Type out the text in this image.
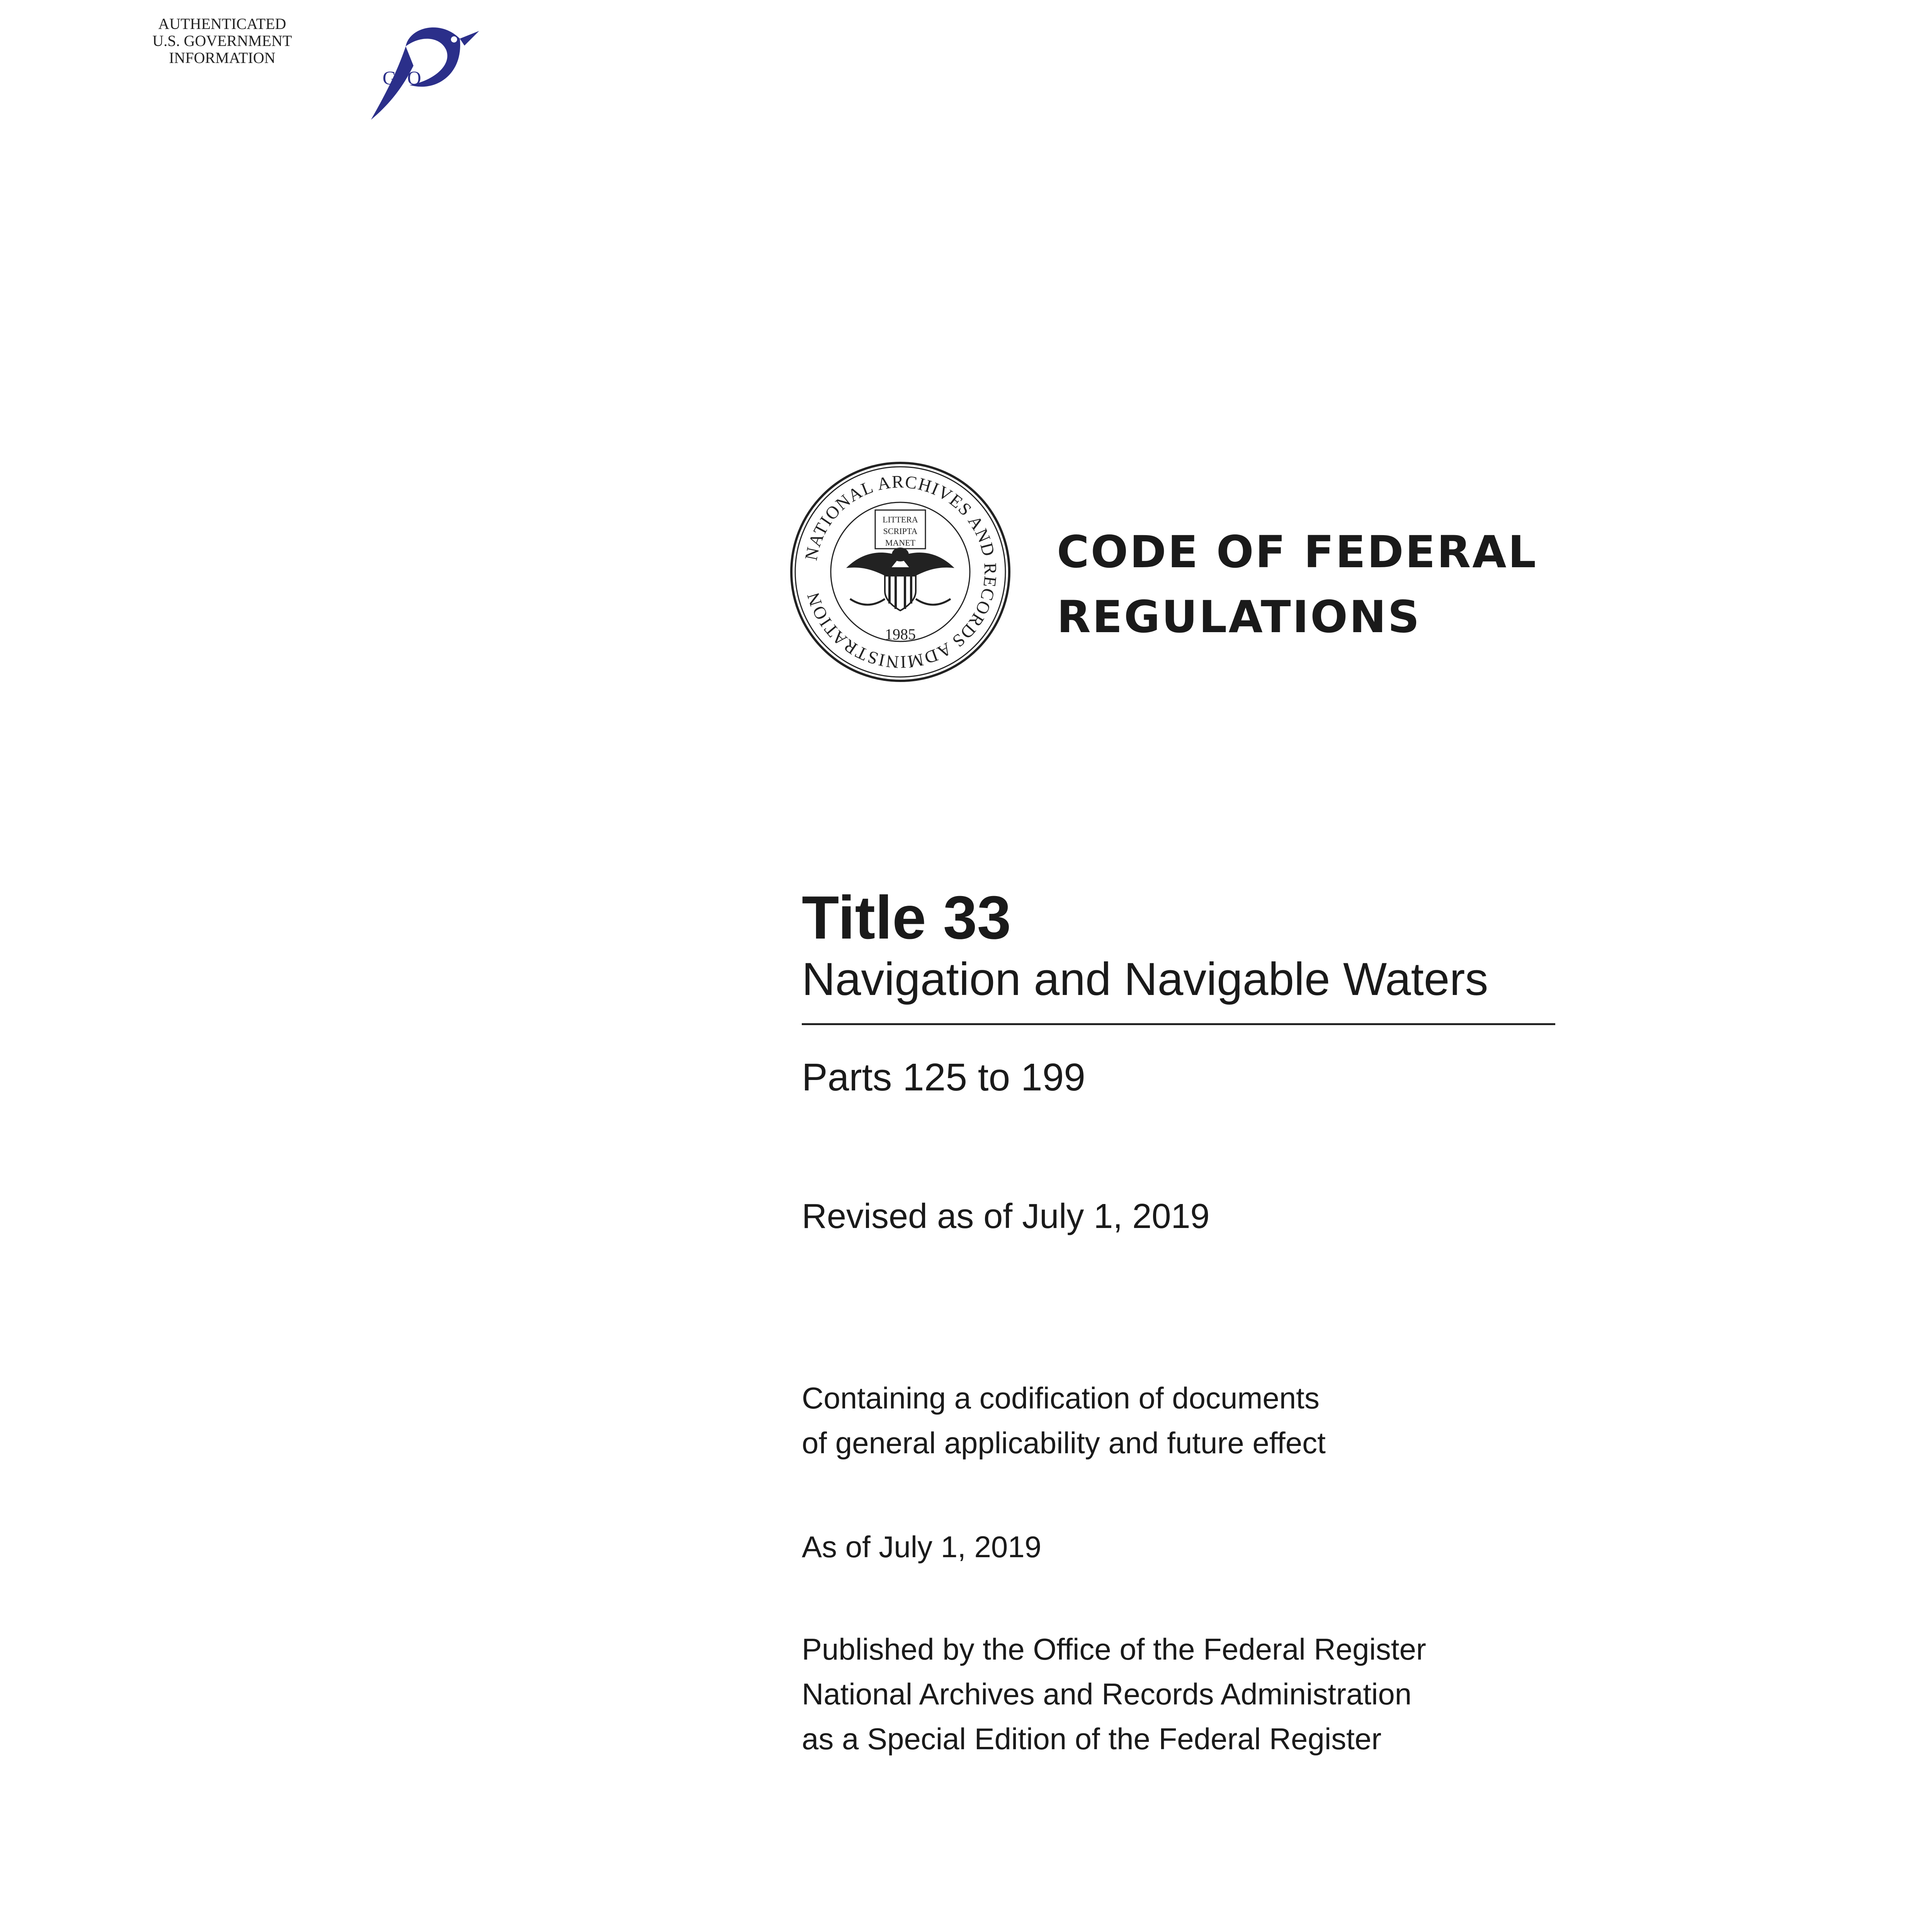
AUTHENTICATED
U.S. GOVERNMENT
INFORMATION
GPO
NATIONAL ARCHIVES AND RECORDS ADMINISTRATION
LITTERA
SCRIPTA
MANET
1985
CODE OF FEDERAL
REGULATIONS
Title 33
Navigation and Navigable Waters
Parts 125 to 199
Revised as of July 1, 2019
Containing a codification of documents
of general applicability and future effect
As of July 1, 2019
Published by the Office of the Federal Register
National Archives and Records Administration
as a Special Edition of the Federal Register
